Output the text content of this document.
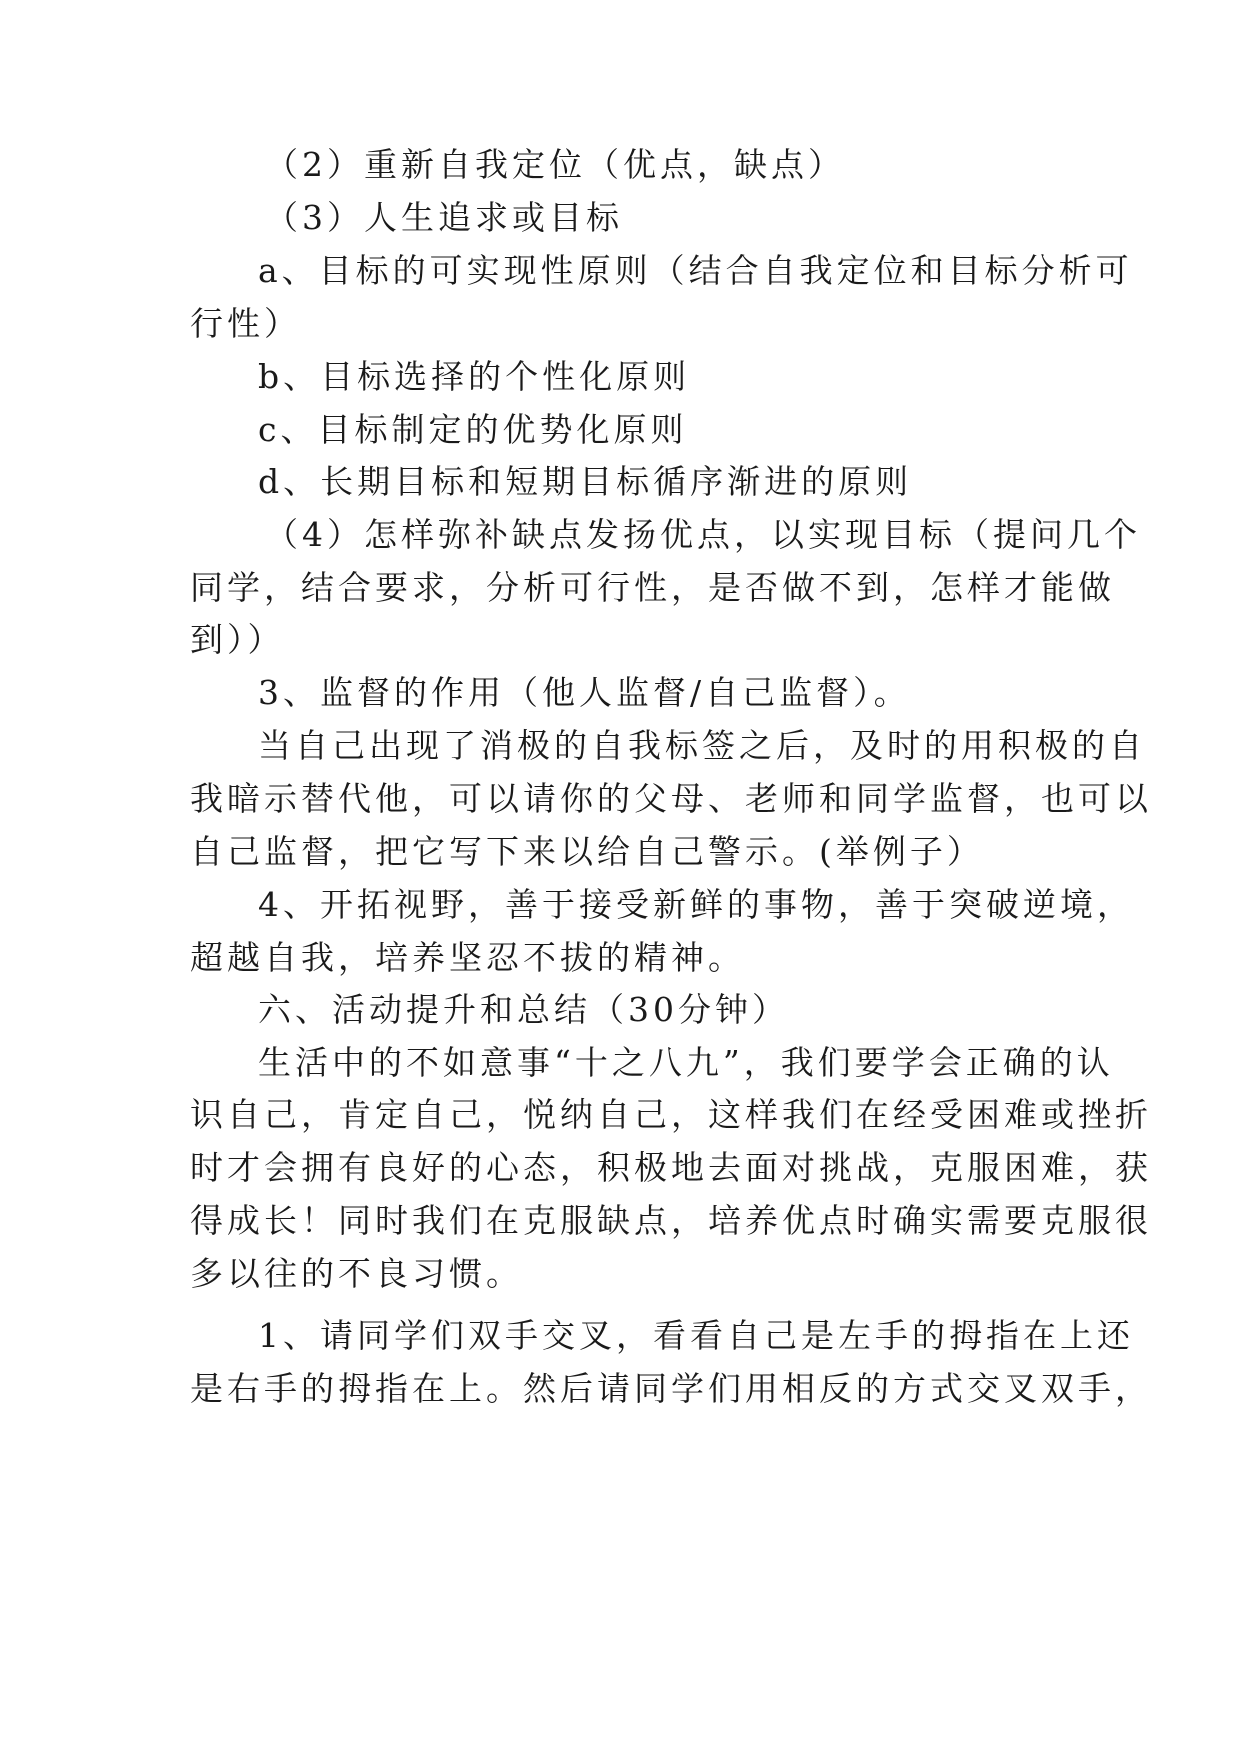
（2）重新自我定位（优点，缺点）

（3）人生追求或目标

a、目标的可实现性原则（结合自我定位和目标分析可

行性）

b、目标选择的个性化原则

c、目标制定的优势化原则

d、长期目标和短期目标循序渐进的原则

（4）怎样弥补缺点发扬优点，以实现目标（提问几个

同学，结合要求，分析可行性，是否做不到，怎样才能做

到））

3、监督的作用（他人监督/自己监督）。

当自己出现了消极的自我标签之后，及时的用积极的自

我暗示替代他，可以请你的父母、老师和同学监督，也可以

自己监督，把它写下来以给自己警示。(举例子）

4、开拓视野，善于接受新鲜的事物，善于突破逆境，

超越自我，培养坚忍不拔的精神。

六、活动提升和总结（30分钟）

生活中的不如意事“十之八九”，我们要学会正确的认

识自己，肯定自己，悦纳自己，这样我们在经受困难或挫折

时才会拥有良好的心态，积极地去面对挑战，克服困难，获

得成长！同时我们在克服缺点，培养优点时确实需要克服很

多以往的不良习惯。

1、请同学们双手交叉，看看自己是左手的拇指在上还

是右手的拇指在上。然后请同学们用相反的方式交叉双手，
